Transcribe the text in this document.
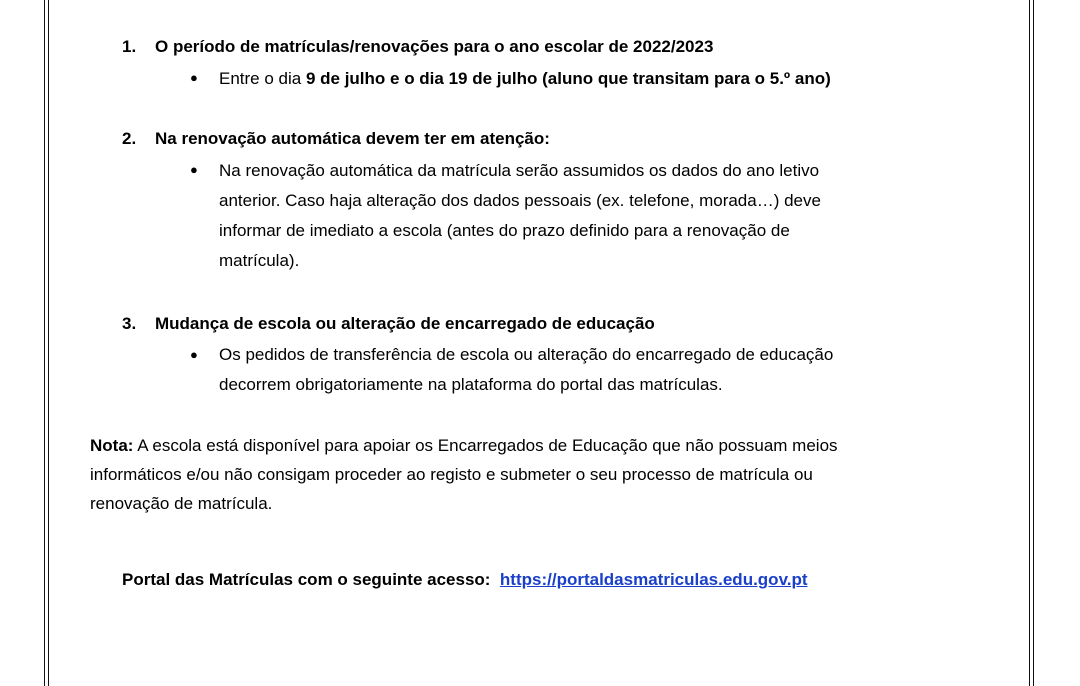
1. O período de matrículas/renovações para o ano escolar de 2022/2023
● Entre o dia 9 de julho e o dia 19 de julho (aluno que transitam para o 5.º ano)
2. Na renovação automática devem ter em atenção:
● Na renovação automática da matrícula serão assumidos os dados do ano letivo
anterior. Caso haja alteração dos dados pessoais (ex. telefone, morada…) deve
informar de imediato a escola (antes do prazo definido para a renovação de
matrícula).
3. Mudança de escola ou alteração de encarregado de educação
● Os pedidos de transferência de escola ou alteração do encarregado de educação
decorrem obrigatoriamente na plataforma do portal das matrículas.
Nota: A escola está disponível para apoiar os Encarregados de Educação que não possuam meios
informáticos e/ou não consigam proceder ao registo e submeter o seu processo de matrícula ou
renovação de matrícula.
Portal das Matrículas com o seguinte acesso: https://portaldasmatriculas.edu.gov.pt
